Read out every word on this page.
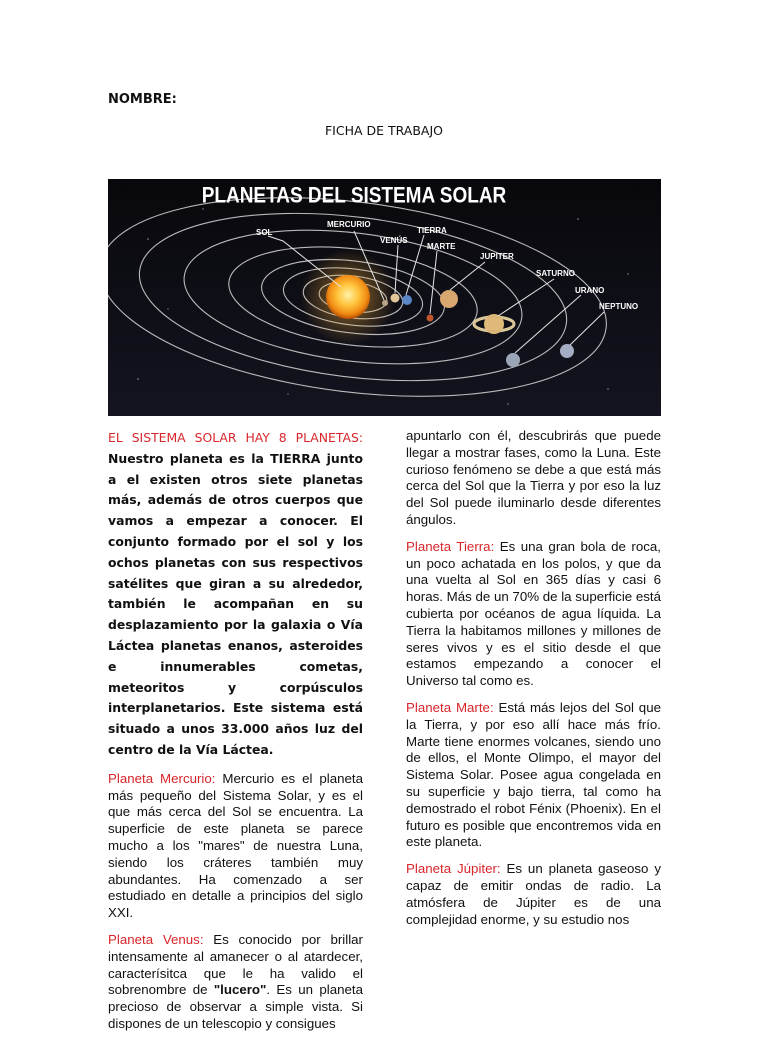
NOMBRE:
FICHA DE TRABAJO
PLANETAS DEL SISTEMA SOLAR
SOL
MERCURIO
VENÚS
TIERRA
MARTE
JUPITER
SATURNO
URANO
NEPTUNO

EL SISTEMA SOLAR HAY 8 PLANETAS: Nuestro planeta es la TIERRA junto a el existen otros siete planetas más, además de otros cuerpos que vamos a empezar a conocer. El conjunto formado por el sol y los ochos planetas con sus respectivos satélites que giran a su alrededor, también le acompañan en su desplazamiento por la galaxia o Vía Láctea planetas enanos, asteroides e innumerables cometas, meteoritos y corpúsculos interplanetarios. Este sistema está situado a unos 33.000 años luz del centro de la Vía Láctea.

Planeta Mercurio: Mercurio es el planeta más pequeño del Sistema Solar, y es el que más cerca del Sol se encuentra. La superficie de este planeta se parece mucho a los "mares" de nuestra Luna, siendo los cráteres también muy abundantes. Ha comenzado a ser estudiado en detalle a principios del siglo XXI.

Planeta Venus: Es conocido por brillar intensamente al amanecer o al atardecer, caracterísitca que le ha valido el sobrenombre de "lucero". Es un planeta precioso de observar a simple vista. Si dispones de un telescopio y consigues

apuntarlo con él, descubrirás que puede llegar a mostrar fases, como la Luna. Este curioso fenómeno se debe a que está más cerca del Sol que la Tierra y por eso la luz del Sol puede iluminarlo desde diferentes ángulos.

Planeta Tierra: Es una gran bola de roca, un poco achatada en los polos, y que da una vuelta al Sol en 365 días y casi 6 horas. Más de un 70% de la superficie está cubierta por océanos de agua líquida. La Tierra la habitamos millones y millones de seres vivos y es el sitio desde el que estamos empezando a conocer el Universo tal como es.

Planeta Marte: Está más lejos del Sol que la Tierra, y por eso allí hace más frío. Marte tiene enormes volcanes, siendo uno de ellos, el Monte Olimpo, el mayor del Sistema Solar. Posee agua congelada en su superficie y bajo tierra, tal como ha demostrado el robot Fénix (Phoenix). En el futuro es posible que encontremos vida en este planeta.

Planeta Júpiter: Es un planeta gaseoso y capaz de emitir ondas de radio. La atmósfera de Júpiter es de una complejidad enorme, y su estudio nos
